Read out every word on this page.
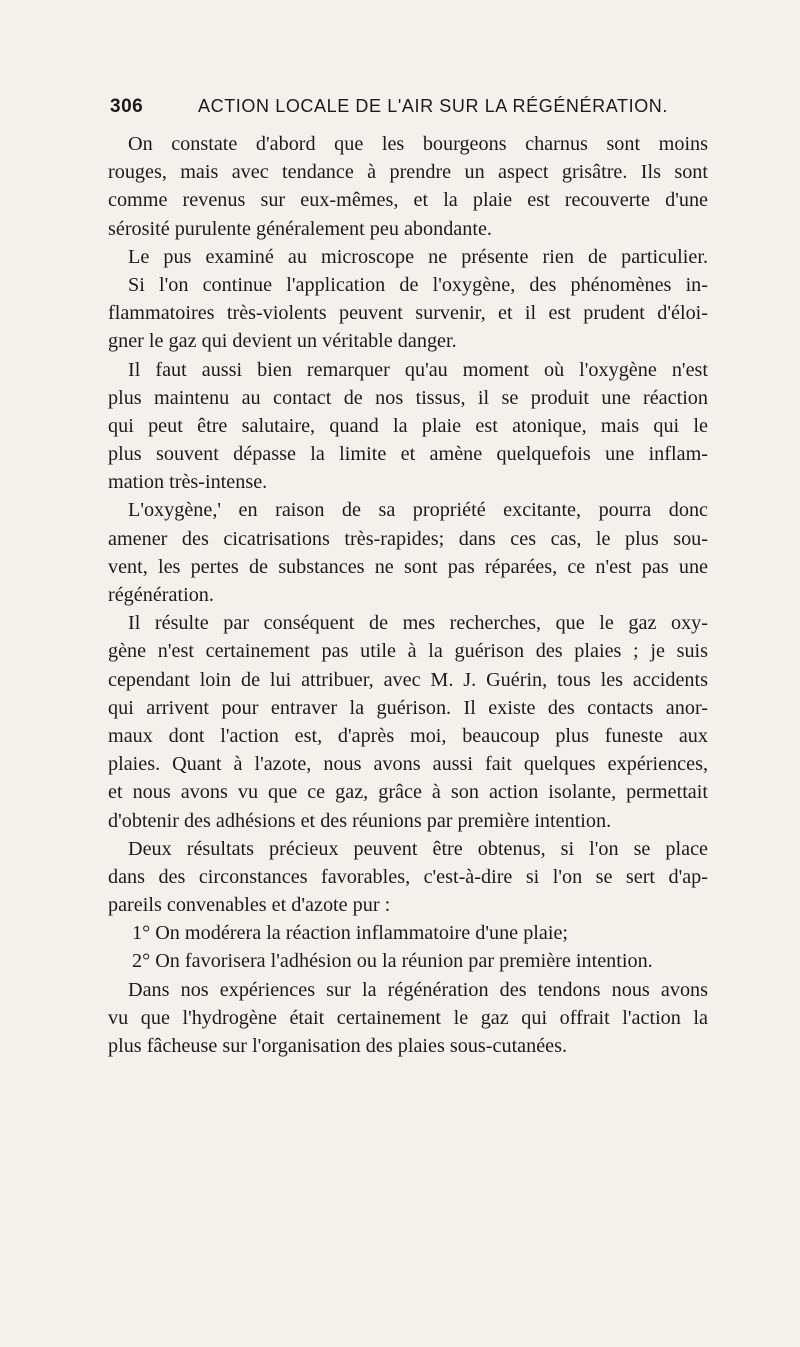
306	ACTION LOCALE DE L'AIR SUR LA RÉGÉNÉRATION.
On constate d'abord que les bourgeons charnus sont moins
rouges, mais avec tendance à prendre un aspect grisâtre. Ils sont
comme revenus sur eux-mêmes, et la plaie est recouverte d'une
sérosité purulente généralement peu abondante.
Le pus examiné au microscope ne présente rien de particulier.
Si l'on continue l'application de l'oxygène, des phénomènes in-
flammatoires très-violents peuvent survenir, et il est prudent d'éloi-
gner le gaz qui devient un véritable danger.
Il faut aussi bien remarquer qu'au moment où l'oxygène n'est
plus maintenu au contact de nos tissus, il se produit une réaction
qui peut être salutaire, quand la plaie est atonique, mais qui le
plus souvent dépasse la limite et amène quelquefois une inflam-
mation très-intense.
L'oxygène,' en raison de sa propriété excitante, pourra donc
amener des cicatrisations très-rapides; dans ces cas, le plus sou-
vent, les pertes de substances ne sont pas réparées, ce n'est pas une
régénération.
Il résulte par conséquent de mes recherches, que le gaz oxy-
gène n'est certainement pas utile à la guérison des plaies ; je suis
cependant loin de lui attribuer, avec M. J. Guérin, tous les accidents
qui arrivent pour entraver la guérison. Il existe des contacts anor-
maux dont l'action est, d'après moi, beaucoup plus funeste aux
plaies. Quant à l'azote, nous avons aussi fait quelques expériences,
et nous avons vu que ce gaz, grâce à son action isolante, permettait
d'obtenir des adhésions et des réunions par première intention.
Deux résultats précieux peuvent être obtenus, si l'on se place
dans des circonstances favorables, c'est-à-dire si l'on se sert d'ap-
pareils convenables et d'azote pur :
1° On modérera la réaction inflammatoire d'une plaie;
2° On favorisera l'adhésion ou la réunion par première intention.
Dans nos expériences sur la régénération des tendons nous avons
vu que l'hydrogène était certainement le gaz qui offrait l'action la
plus fâcheuse sur l'organisation des plaies sous-cutanées.
